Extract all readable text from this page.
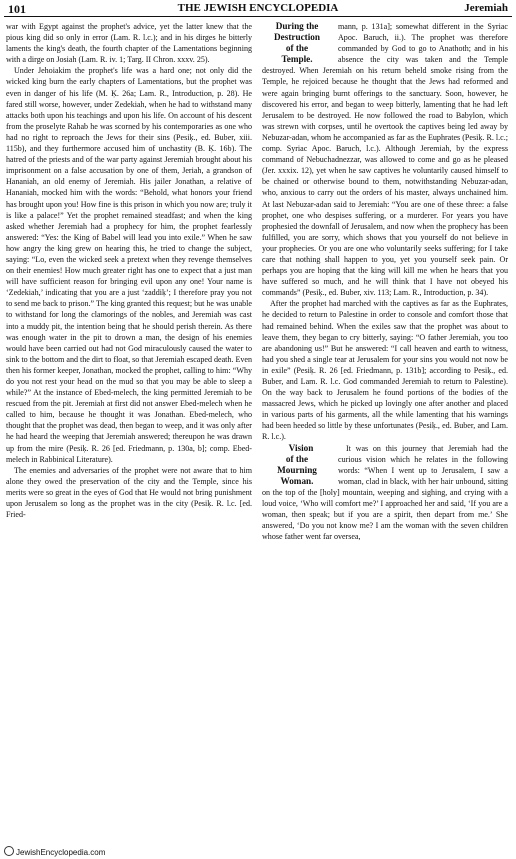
101	THE JEWISH ENCYCLOPEDIA	Jeremiah

war with Egypt against the prophet's advice, yet the latter knew that the pious king did so only in error (Lam. R. l.c.); and in his dirges he bitterly laments the king's death, the fourth chapter of the Lamentations beginning with a dirge on Josiah (Lam. R. iv. 1; Targ. II Chron. xxxv. 25).

Under Jehoiakim the prophet's life was a hard one; not only did the wicked king burn the early chapters of Lamentations, but the prophet was even in danger of his life (M. Ḳ. 26a; Lam. R., Introduction, p. 28). He fared still worse, however, under Zedekiah, when he had to withstand many attacks both upon his teachings and upon his life. On account of his descent from the proselyte Rahab he was scorned by his contemporaries as one who had no right to reproach the Jews for their sins (Pesiḳ., ed. Buber, xiii. 115b), and they furthermore accused him of unchastity (B. Ḳ. 16b). The hatred of the priests and of the war party against Jeremiah brought about his imprisonment on a false accusation by one of them, Jeriah, a grandson of Hananiah, an old enemy of Jeremiah. His jailer Jonathan, a relative of Hananiah, mocked him with the words: “Behold, what honors your friend has brought upon you! How fine is this prison in which you now are; truly it is like a palace!” Yet the prophet remained steadfast; and when the king asked whether Jeremiah had a prophecy for him, the prophet fearlessly answered: “Yes: the King of Babel will lead you into exile.” When he saw how angry the king grew on hearing this, he tried to change the subject, saying: “Lo, even the wicked seek a pretext when they revenge themselves on their enemies! How much greater right has one to expect that a just man will have sufficient reason for bringing evil upon any one! Your name is ‘Zedekiah,’ indicating that you are a just ‘zaddiḳ’; I therefore pray you not to send me back to prison.” The king granted this request; but he was unable to withstand for long the clamorings of the nobles, and Jeremiah was cast into a muddy pit, the intention being that he should perish therein. As there was enough water in the pit to drown a man, the design of his enemies would have been carried out had not God miraculously caused the water to sink to the bottom and the dirt to float, so that Jeremiah escaped death. Even then his former keeper, Jonathan, mocked the prophet, calling to him: “Why do you not rest your head on the mud so that you may be able to sleep a while?” At the instance of Ebed-melech, the king permitted Jeremiah to be rescued from the pit. Jeremiah at first did not answer Ebed-melech when he called to him, because he thought it was Jonathan. Ebed-melech, who thought that the prophet was dead, then began to weep, and it was only after he had heard the weeping that Jeremiah answered; thereupon he was drawn up from the mire (Pesiḳ. R. 26 [ed. Friedmann, p. 130a, b]; comp. Ebed-melech in Rabbinical Literature).

The enemies and adversaries of the prophet were not aware that to him alone they owed the preservation of the city and the Temple, since his merits were so great in the eyes of God that He would not bring punishment upon Jerusalem so long as the prophet was in the city (Pesiḳ. R. l.c. [ed. Fried-

During the
Destruction
of the
Temple.
mann, p. 131a]; somewhat different in the Syriac Apoc. Baruch, ii.). The prophet was therefore commanded by God to go to Anathoth; and in his absence the city was taken and the Temple destroyed. When Jeremiah on his return beheld smoke rising from the Temple, he rejoiced because he thought that the Jews had reformed and were again bringing burnt offerings to the sanctuary. Soon, however, he discovered his error, and began to weep bitterly, lamenting that he had left Jerusalem to be destroyed. He now followed the road to Babylon, which was strewn with corpses, until he overtook the captives being led away by Nebuzar-adan, whom he accompanied as far as the Euphrates (Pesiḳ. R. l.c.; comp. Syriac Apoc. Baruch, l.c.). Although Jeremiah, by the express command of Nebuchadnezzar, was allowed to come and go as he pleased (Jer. xxxix. 12), yet when he saw captives he voluntarily caused himself to be chained or otherwise bound to them, notwithstanding Nebuzar-adan, who, anxious to carry out the orders of his master, always unchained him. At last Nebuzar-adan said to Jeremiah: “You are one of these three: a false prophet, one who despises suffering, or a murderer. For years you have prophesied the downfall of Jerusalem, and now when the prophecy has been fulfilled, you are sorry, which shows that you yourself do not believe in your prophecies. Or you are one who voluntarily seeks suffering; for I take care that nothing shall happen to you, yet you yourself seek pain. Or perhaps you are hoping that the king will kill me when he hears that you have suffered so much, and he will think that I have not obeyed his commands” (Pesiḳ., ed. Buber, xiv. 113; Lam. R., Introduction, p. 34).

After the prophet had marched with the captives as far as the Euphrates, he decided to return to Palestine in order to console and comfort those that had remained behind. When the exiles saw that the prophet was about to leave them, they began to cry bitterly, saying: “O father Jeremiah, you too are abandoning us!” But he answered: “I call heaven and earth to witness, had you shed a single tear at Jerusalem for your sins you would not now be in exile” (Pesiḳ. R. 26 [ed. Friedmann, p. 131b]; according to Pesiḳ., ed. Buber, and Lam. R. l.c. God commanded Jeremiah to return to Palestine). On the way back to Jerusalem he found portions of the bodies of the massacred Jews, which he picked up lovingly one after another and placed in various parts of his garments, all the while lamenting that his warnings had been heeded so little by these unfortunates (Pesiḳ., ed. Buber, and Lam. R. l.c.).

Vision
of the
Mourning
Woman.
It was on this journey that Jeremiah had the curious vision which he relates in the following words: “When I went up to Jerusalem, I saw a woman, clad in black, with her hair unbound, sitting on the top of the [holy] mountain, weeping and sighing, and crying with a loud voice, ‘Who will comfort me?’ I approached her and said, ‘If you are a woman, then speak; but if you are a spirit, then depart from me.’ She answered, ‘Do you not know me? I am the woman with the seven children whose father went far oversea,

JewishEncyclopedia.com
